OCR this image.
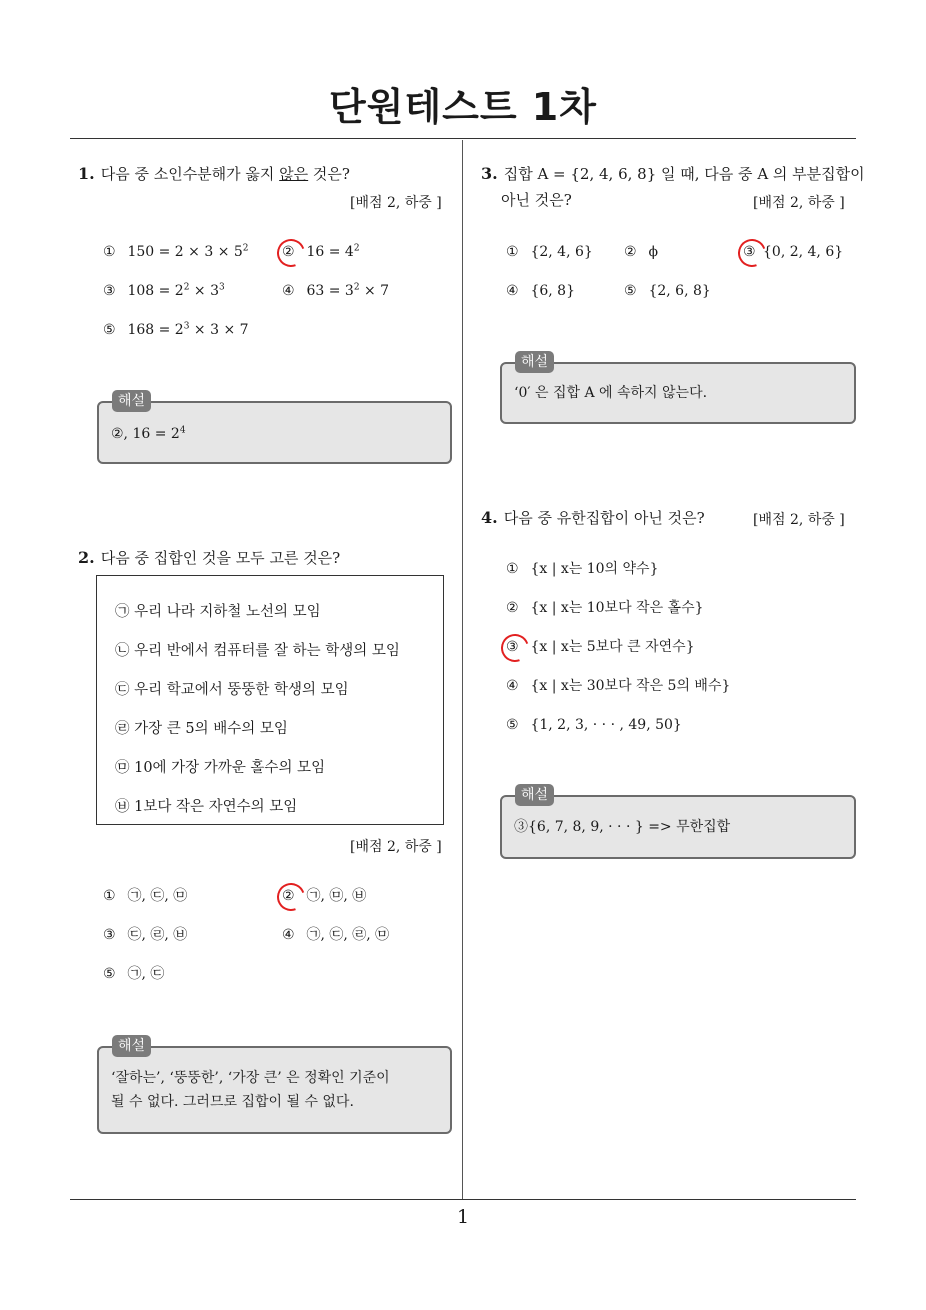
단원테스트 1차
1. 다음 중 소인수분해가 옳지 않은 것은?
[배점 2, 하중 ]
① $150 = 2 \times 3 \times 5^2$ ② $16 = 4^2$
③ $108 = 2^2 \times 3^3$	④ $63 = 3^2 \times 7$
⑤ $168 = 2^3 \times 3 \times 7$
②, $16 = 2^4$
해설
2. 다음 중 집합인 것을 모두 고른 것은?
㉠ 우리 나라 지하철 노선의 모임
㉡ 우리 반에서 컴퓨터를 잘 하는 학생의 모임
㉢ 우리 학교에서 뚱뚱한 학생의 모임
㉣ 가장 큰 5의 배수의 모임
㉤ 10에 가장 가까운 홀수의 모임
㉥ 1보다 작은 자연수의 모임
[배점 2, 하중 ]
① ㉠, ㉢, ㉤	② ㉠, ㉤, ㉥
③ ㉢, ㉣, ㉥	④ ㉠, ㉢, ㉣, ㉤
⑤ ㉠, ㉢
‘잘하는’, ‘뚱뚱한’, ‘가장 큰’ 은 정확인 기준이
될 수 없다. 그러므로 집합이 될 수 없다.
해설
3. 집합 A = {2, 4, 6, 8} 일 때, 다음 중 A 의 부분집합이
아닌 것은?	[배점 2, 하중 ]
① {2, 4, 6} ② ϕ	③ {0, 2, 4, 6}
④ {6, 8}	⑤ {2, 6, 8}
‘0′ 은 집합 A 에 속하지 않는다.
해설
4. 다음 중 유한집합이 아닌 것은?	[배점 2, 하중 ]
① {x | x는 10의 약수}
② {x | x는 10보다 작은 홀수}
③ {x | x는 5보다 큰 자연수}
④ {x | x는 30보다 작은 5의 배수}
⑤ {1, 2, 3, · · · , 49, 50}
③{6, 7, 8, 9, · · · } => 무한집합
해설
1
